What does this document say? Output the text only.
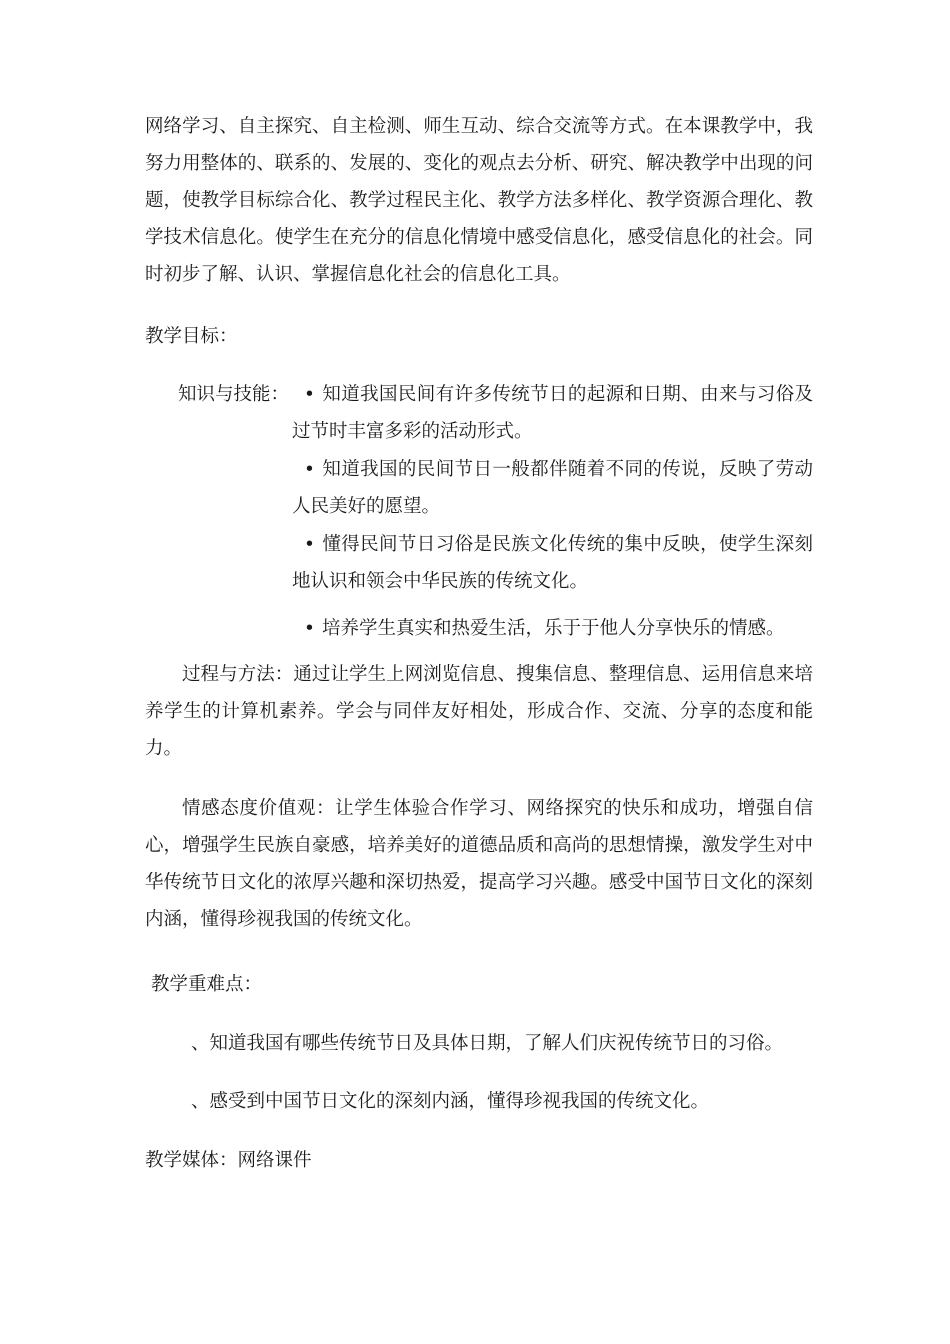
网络学习、自主探究、自主检测、师生互动、综合交流等方式。在本课教学中，我努力用整体的、联系的、发展的、变化的观点去分析、研究、解决教学中出现的问题，使教学目标综合化、教学过程民主化、教学方法多样化、教学资源合理化、教学技术信息化。使学生在充分的信息化情境中感受信息化，感受信息化的社会。同时初步了解、认识、掌握信息化社会的信息化工具。

教学目标：

知识与技能： • 知道我国民间有许多传统节日的起源和日期、由来与习俗及过节时丰富多彩的活动形式。

• 知道我国的民间节日一般都伴随着不同的传说，反映了劳动人民美好的愿望。

• 懂得民间节日习俗是民族文化传统的集中反映，使学生深刻地认识和领会中华民族的传统文化。

• 培养学生真实和热爱生活，乐于于他人分享快乐的情感。

过程与方法：通过让学生上网浏览信息、搜集信息、整理信息、运用信息来培养学生的计算机素养。学会与同伴友好相处，形成合作、交流、分享的态度和能力。

情感态度价值观：让学生体验合作学习、网络探究的快乐和成功，增强自信心，增强学生民族自豪感，培养美好的道德品质和高尚的思想情操，激发学生对中华传统节日文化的浓厚兴趣和深切热爱，提高学习兴趣。感受中国节日文化的深刻内涵，懂得珍视我国的传统文化。

教学重难点：

、知道我国有哪些传统节日及具体日期，了解人们庆祝传统节日的习俗。

、感受到中国节日文化的深刻内涵，懂得珍视我国的传统文化。

教学媒体：网络课件
